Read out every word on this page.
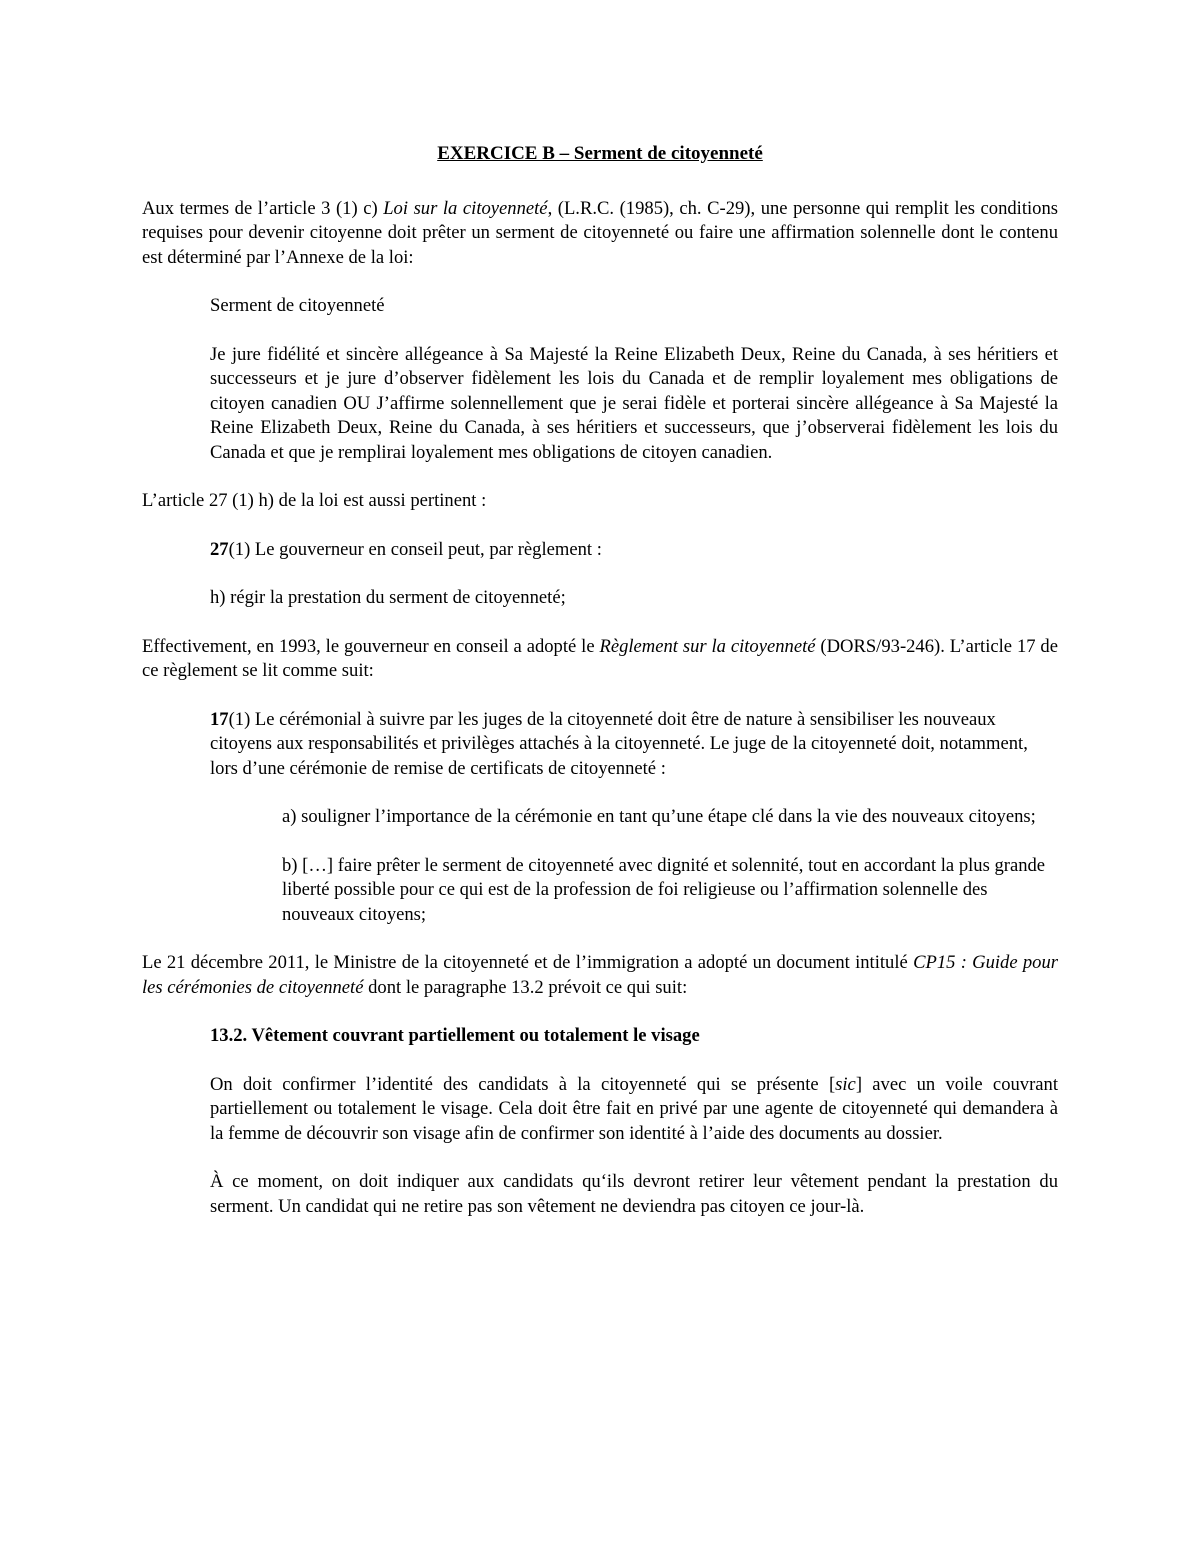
EXERCICE B – Serment de citoyenneté

Aux termes de l’article 3 (1) c) Loi sur la citoyenneté, (L.R.C. (1985), ch. C-29), une personne qui remplit les conditions requises pour devenir citoyenne doit prêter un serment de citoyenneté ou faire une affirmation solennelle dont le contenu est déterminé par l’Annexe de la loi:

Serment de citoyenneté

Je jure fidélité et sincère allégeance à Sa Majesté la Reine Elizabeth Deux, Reine du Canada, à ses héritiers et successeurs et je jure d’observer fidèlement les lois du Canada et de remplir loyalement mes obligations de citoyen canadien OU J’affirme solennellement que je serai fidèle et porterai sincère allégeance à Sa Majesté la Reine Elizabeth Deux, Reine du Canada, à ses héritiers et successeurs, que j’observerai fidèlement les lois du Canada et que je remplirai loyalement mes obligations de citoyen canadien.

L’article 27 (1) h) de la loi est aussi pertinent :

27(1) Le gouverneur en conseil peut, par règlement :

h) régir la prestation du serment de citoyenneté;

Effectivement, en 1993, le gouverneur en conseil a adopté le Règlement sur la citoyenneté (DORS/93-246). L’article 17 de ce règlement se lit comme suit:

17(1) Le cérémonial à suivre par les juges de la citoyenneté doit être de nature à sensibiliser les nouveaux citoyens aux responsabilités et privilèges attachés à la citoyenneté. Le juge de la citoyenneté doit, notamment, lors d’une cérémonie de remise de certificats de citoyenneté :

a) souligner l’importance de la cérémonie en tant qu’une étape clé dans la vie des nouveaux citoyens;

b) […] faire prêter le serment de citoyenneté avec dignité et solennité, tout en accordant la plus grande liberté possible pour ce qui est de la profession de foi religieuse ou l’affirmation solennelle des nouveaux citoyens;

Le 21 décembre 2011, le Ministre de la citoyenneté et de l’immigration a adopté un document intitulé CP15 : Guide pour les cérémonies de citoyenneté dont le paragraphe 13.2 prévoit ce qui suit:

13.2. Vêtement couvrant partiellement ou totalement le visage

On doit confirmer l’identité des candidats à la citoyenneté qui se présente [sic] avec un voile couvrant partiellement ou totalement le visage. Cela doit être fait en privé par une agente de citoyenneté qui demandera à la femme de découvrir son visage afin de confirmer son identité à l’aide des documents au dossier.

À ce moment, on doit indiquer aux candidats qu‘ils devront retirer leur vêtement pendant la prestation du serment. Un candidat qui ne retire pas son vêtement ne deviendra pas citoyen ce jour-là.
